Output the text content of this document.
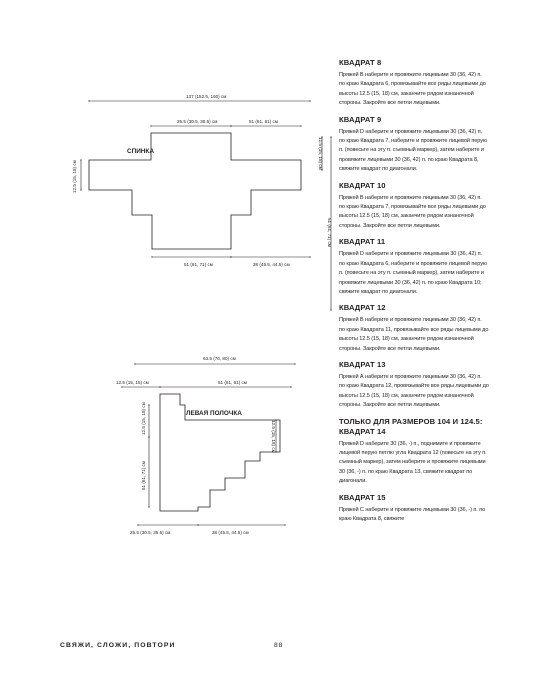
СПИНКА
137 (152.5, 160) см
25.5 (30.5, 30.5) см	51 (61, 61) см
12.5 (15, 18) см
12.5 (15, 18) см
51 (61, 71) см
51 (61, 71) см	38 (45.5, 44.5) см
ЛЕВАЯ ПОЛОЧКА
63.5 (76, 80) см
12.5 (15, 15) см	51 (61, 61) см
12.5 (15, 18) см
51 (61, 71) см
12.5 (15, 18) см
25.5 (30.5, 35.5) см	38 (45.5, 44.5) см
КВАДРАТ 8

Пряжей В наберите и провяжите лицевыми 30 (36, 42) п. по краю Квадрата 6, провязывайте все ряды лицевыми до высоты 12.5 (15, 18) см, заканчите рядом изнаночной стороны. Закройте все петли лицевыми.

КВАДРАТ 9

Пряжей D наберите и провяжите лицевыми 30 (36, 42) п. по краю Квадрата 7, наберите и провяжите лицевой перую п. (повесьте на эту п. съемный маркер), затем наберите и провяжите лицевыми 30 (36, 42) п. по краю Квадрата 8, свяжите квадрат по диагонали.

КВАДРАТ 10

Пряжей В наберите и провяжите лицевыми 30 (36, 42) п. по краю Квадрата 7, провязывайте все ряды лицевыми до высоты 12.5 (15, 18) см, заканчите рядом изнаночной стороны. Закройте все петли лицевыми.

КВАДРАТ 11

Пряжей D наберите и провяжите лицевыми 30 (36, 42) п. по краю Квадрата 6, наберите и провяжите лицевой перую п. (повесьте на эту п. съемный маркер), затем наберите и провяжите лицевыми 30 (36, 42) п. по краю Квадрата 10; свяжите квадрат по диагонали.

КВАДРАТ 12

Пряжей В наберите и провяжите лицевыми 30 (36, 42) п. по краю Квадрата 11, провязывайте все ряды лицевыми до высоты 12.5 (15, 18) см, заканчите рядом изнаночной стороны. Закройте все петли лицевыми.

КВАДРАТ 13

Пряжей А наберите и провяжите лицевыми 30 (36, 42) п. по краю Квадрата 12, провязывайте все ряды лицевыми до высоты 12.5 (15, 18) см, заканчите рядом изнаночной стороны. Закройте все петли лицевыми.

ТОЛЬКО ДЛЯ РАЗМЕРОВ 104 И 124.5: КВАДРАТ 14

Пряжей D наберите 30 (36, -) п., поднимите и провяжите лицевой перую петлю угла Квадрата 12 (повесьте на эту п. съемный маркер), затем наберите и провяжите лицевыми 30 (36, -) п. по краю Квадрата 13, свяжите квадрат по диагонали.

КВАДРАТ 15

Пряжей С наберите и провяжите лицевыми 30 (36, -) п. по краю Квадрата 8, свяжите

СВЯЖИ, СЛОЖИ, ПОВТОРИ	88
